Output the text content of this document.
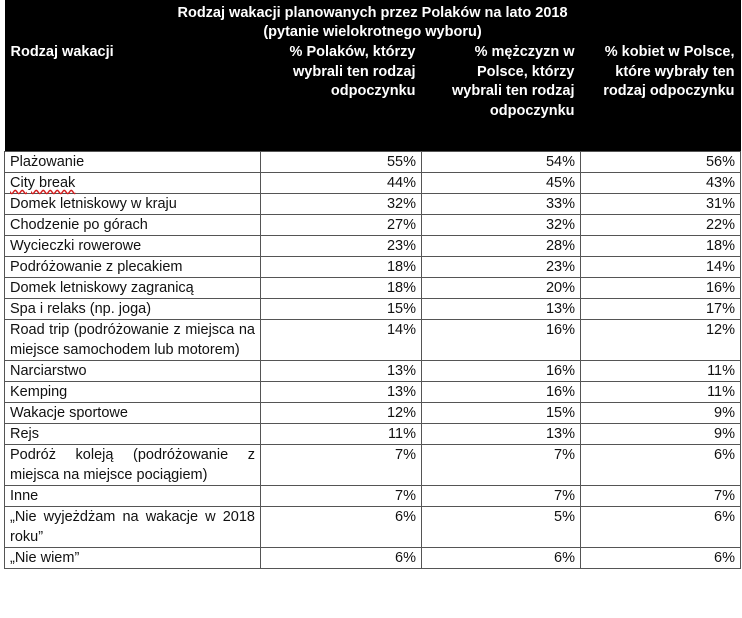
Rodzaj wakacji planowanych przez Polaków na lato 2018
(pytanie wielokrotnego wyboru)			
Rodzaj wakacji	% Polaków, którzy wybrali ten rodzaj odpoczynku	% mężczyzn w Polsce, którzy wybrali ten rodzaj odpoczynku	% kobiet w Polsce, które wybrały ten rodzaj odpoczynku
Plażowanie	55%	54%	56%
City break	44%	45%	43%
Domek letniskowy w kraju	32%	33%	31%
Chodzenie po górach	27%	32%	22%
Wycieczki rowerowe	23%	28%	18%
Podróżowanie z plecakiem	18%	23%	14%
Domek letniskowy zagranicą	18%	20%	16%
Spa i relaks (np. joga)	15%	13%	17%
Road trip (podróżowanie z miejsca na miejsce samochodem lub motorem)	14%	16%	12%
Narciarstwo	13%	16%	11%
Kemping	13%	16%	11%
Wakacje sportowe	12%	15%	9%
Rejs	11%	13%	9%
Podróż koleją (podróżowanie z miejsca na miejsce pociągiem)	7%	7%	6%
Inne	7%	7%	7%
„Nie wyjeżdżam na wakacje w 2018 roku”	6%	5%	6%
„Nie wiem”	6%	6%	6%
